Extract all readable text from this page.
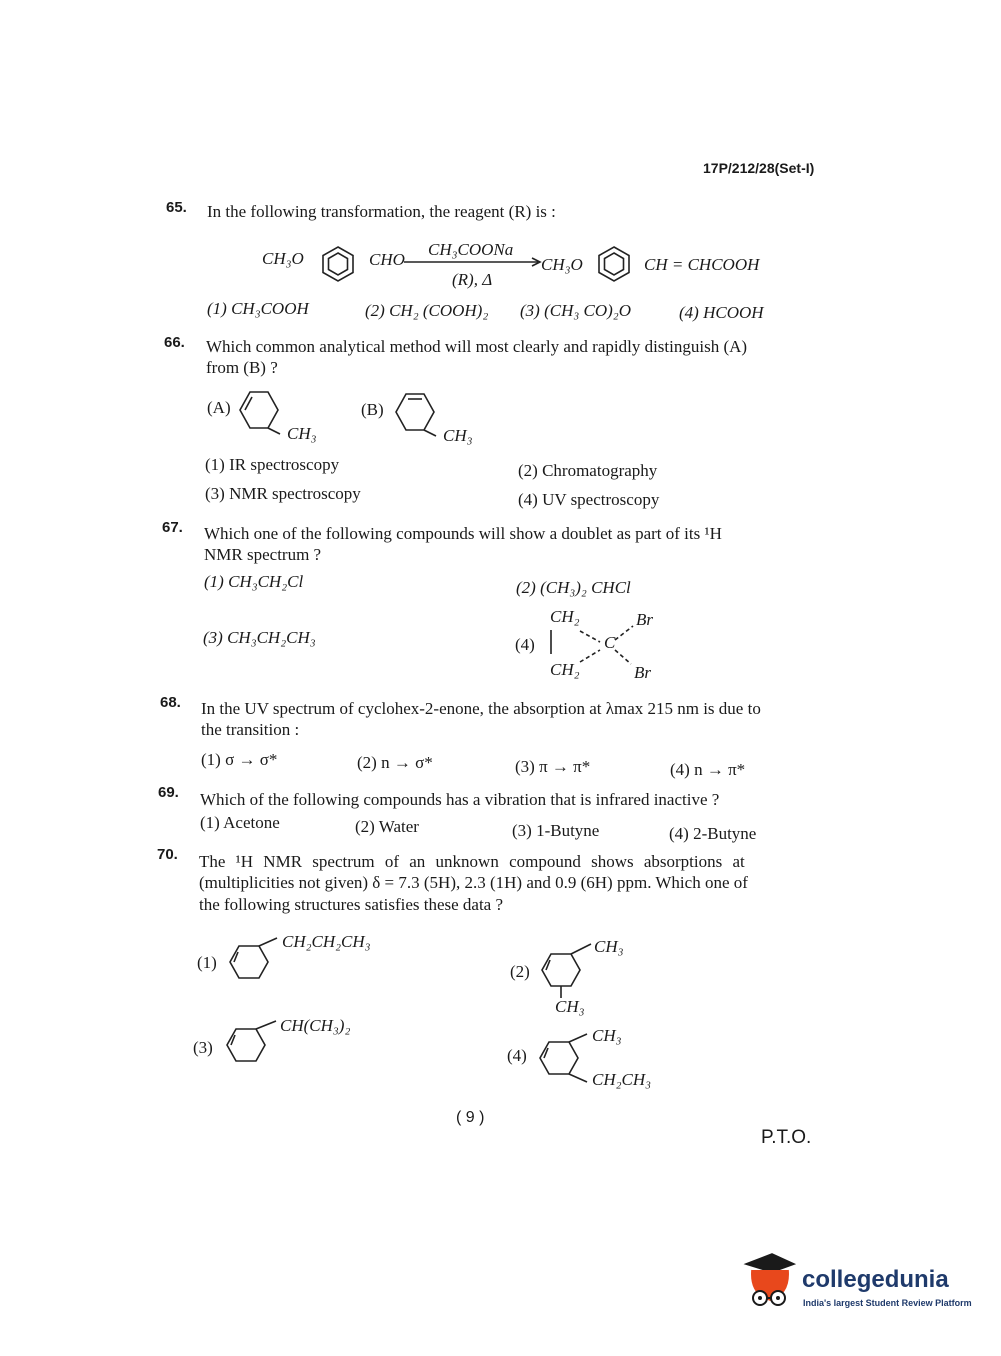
17P/212/28(Set-I)
65. In the following transformation, the reagent (R) is :
CH₃O	CHO
CH₃COONa
(R), Δ
CH₃O	CH = CHCOOH
(1) CH₃COOH	(2) CH₂ (COOH)₂ (3) (CH₃ CO)₂O	(4) HCOOH
66. Which common analytical method will most clearly and rapidly distinguish (A)
from (B) ?
(A)
CH₃
(B)
CH₃
(1) IR spectroscopy	(2) Chromatography
(3) NMR spectroscopy	(4) UV spectroscopy
67. Which one of the following compounds will show a doublet as part of its ¹H
NMR spectrum ?
(1) CH₃CH₂Cl	(2) (CH₃)₂ CHCl
(3) CH₃CH₂CH₃	(4)
CH₂
CH₂
C
Br
Br
68. In the UV spectrum of cyclohex-2-enone, the absorption at λmax 215 nm is due to
the transition :
(1) σ → σ*	(2) n → σ*	(3) π → π*	(4) n → π*
69. Which of the following compounds has a vibration that is infrared inactive ?
(1) Acetone	(2) Water	(3) 1-Butyne	(4) 2-Butyne
70. The ¹H NMR spectrum of an unknown compound shows absorptions at
(multiplicities not given) δ = 7.3 (5H), 2.3 (1H) and 0.9 (6H) ppm. Which one of
the following structures satisfies these data ?
(1)
CH₂CH₂CH₃
(2)
CH₃
CH₃
(3)
CH(CH₃)₂
(4)
CH₃
CH₂CH₃
( 9 )
P.T.O.
collegedunia
India's largest Student Review Platform
